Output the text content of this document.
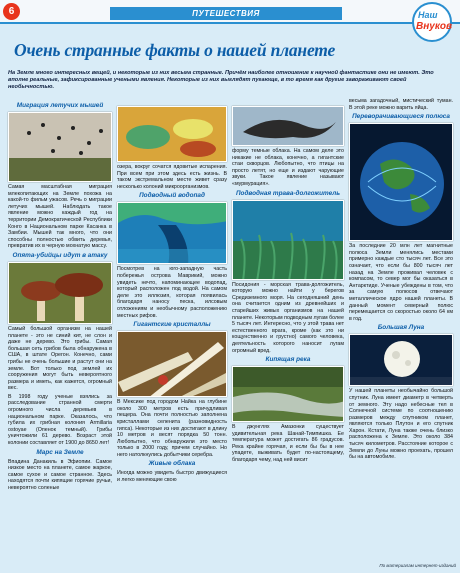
6	ПУТЕШЕСТВИЯ	Наш
Внуков
Очень странные факты о нашей планете
На Земле много интересных вещей, и некоторые из них весьма странные. Причём наиболее отношение к научной фантастике они не имеют. Это вполне реальные, зафиксированные учеными явления. Некоторые из них выглядят пугающе, в то время как другие завораживают своей необычностью.
Миграция летучих мышей
Самая масштабная миграция млекопитающих на Земле похожа на какой-то фильм ужасов. Речь о миграции летучих мышей. Наблюдать такое явление можно каждый год на территории Демократической Республики Конго в Национальном парке Касанка в Замбии. Мышей так много, что они способны полностью обвить деревья, превратив их в черную мохнатую массу.
Опята-убийцы идут в атаку
Самый большой организм на нашей планете - это не синий кит, не слон и даже не дерево. Это грибы. Самая большая сеть грибов была обнаружена в США, в штате Орегон. Конечно, сами грибы не очень большие и растут они на земле. Вот только под землей их сооружения могут быть невероятного размера и иметь, как кажется, огромный вес.
В 1998 году ученые взялись за расследование странной смерти огромного числа деревьев в национальном парке. Оказалось, что губила их грибная колония Armillaria ostoyae (Опенок темный). Грибы уничтожили 61 дерево. Возраст этой колонии составляет от 1900 до 8650 лет!
Марс на Земле
Впадина Данакиль в Эфиопии. Самое низкое место на планете, самое жаркое, самое сухое и самое странное. Здесь находятся почти кипящие горячие ручьи, невероятно соленые
озера, вокруг сочатся ядовитые испарения. При всем при этом здесь есть жизнь. В таком экстремальном месте живет сразу несколько колоний микроорганизмов.
Подводный водопад
Посмотрев на юго-западную часть побережья острова Маврикий, можно увидеть нечто, напоминающее водопад, который расположен под водой. На самом деле это иллюзия, которая появилась благодаря наносу песка, илсовым отложениям и необычному расположению местных рифов.
Гигантские кристаллы
В Мексике под городом Найка на глубине около 300 метров есть причудливая пещера. Она почти полностью заполнена кристаллами селенита (разновидность гипса). Некоторые из них достигают в длину 10 метров и весят порядка 50 тонн. Любопытно, что обнаружили это место только в 2000 году, причем случайно. Но него натолкнулись добытчики серебра.
Живые облака
Иногда можно увидеть быстро движущиеся и легко меняющие свою
форму темные облака. На самом деле это никакие не облака, конечно, а гигантские стаи скворцов. Любопытно, что птицы на просто летят, но еще и издают чарующие звуки. Такое явление называют «мурмурация».
Подводная трава-долгожитель
Посидония - морская трава-долгожитель, которую можно найти у берегов Средиземного моря. На сегодняшний день она считается одним из древнейших и старейших живых организмов на нашей планете. Некоторым подводным лугам более 5 тысяч лет. Интересно, что у этой трава нет естественного врага, кроме (как это ни кощунственно и грустно) самого человека, деятельность которого наносит лугам огромный вред.
Кипящая река
В джунглях Амазонки существует удивительная река Шанай-Тимпишка. Ее температура может достигать 86 градусов. Река крайне горячая, и если бы бы в нее упадете, выживать будет по-настоящему, благодаря чему, над ней висит
весьма загадочный, мистический туман. В этой реке можно варить яйца.
Переворачивающиеся полюса
За последние 20 млн лет магнитные полюса Земли менялись местами примерно каждые сто тысяч лет. Все это означает, что если бы 800 тысяч лет назад на Земле проживал человек с компасом, то север мог бы оказаться в Антарктиде. Ученые убеждены в том, что за самую полюсов отвечают металлическое ядро нашей планеты. В данный момент северный полюс перемещается со скоростью около 64 км в год.
Большая Луна
У нашей планеты необычайно большой спутник. Луна имеет диаметр в четверть от земного. Эту надо небесные тел в Солнечной системе по соотношению размеров между спутником планет, являются только Плутон и его спутник Харон. Кстати, Луна также очень близко расположена к Земле. Это около 384 тысяч километров. Расстояние которое с Земли до Луны можно проехать, прошел бы на автомобиле.
По материалам интернет-изданий
